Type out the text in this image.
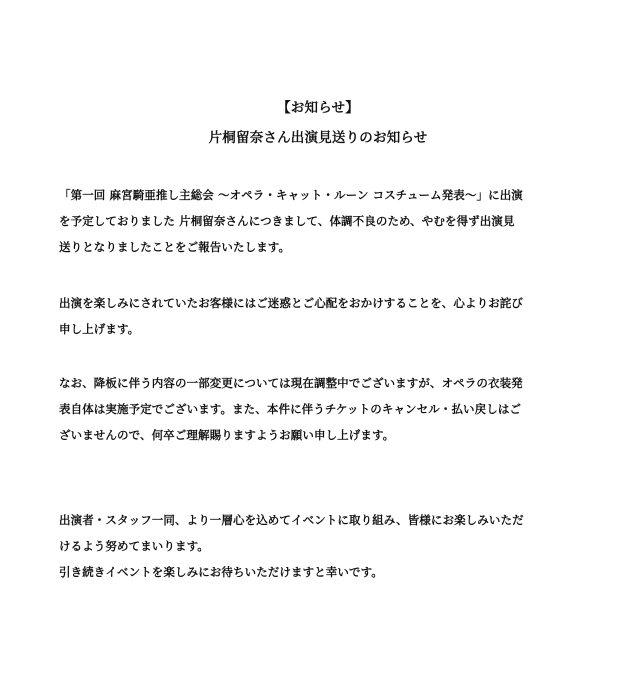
【お知らせ】
片桐留奈さん出演見送りのお知らせ
「第一回 麻宮騎亜推し主総会 ～オペラ・キャット・ルーン コスチューム発表～」に出演
を予定しておりました 片桐留奈さんにつきまして、体調不良のため、やむを得ず出演見
送りとなりましたことをご報告いたします。
出演を楽しみにされていたお客様にはご迷惑とご心配をおかけすることを、心よりお詫び
申し上げます。
なお、降板に伴う内容の一部変更については現在調整中でございますが、オペラの衣装発
表自体は実施予定でございます。また、本件に伴うチケットのキャンセル・払い戻しはご
ざいませんので、何卒ご理解賜りますようお願い申し上げます。
出演者・スタッフ一同、より一層心を込めてイベントに取り組み、皆様にお楽しみいただ
けるよう努めてまいります。
引き続きイベントを楽しみにお待ちいただけますと幸いです。
